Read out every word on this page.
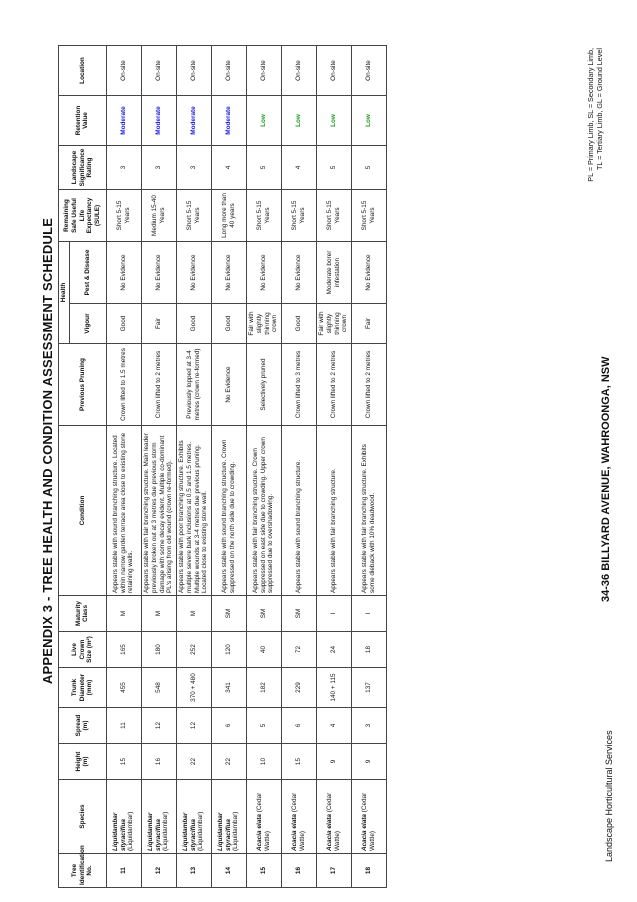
APPENDIX 3 - TREE HEALTH AND CONDITION ASSESSMENT SCHEDULE
Tree Identification No.	Species	Height (m)	Spread (m)	Trunk Diameter (mm)	Live Crown Size (m²)	Maturity Class	Condition	Previous Pruning	Health		Remaining Safe Useful Life Expectancy (SULE)	Landscape Significance Rating	Retention Value	Location
									Vigour	Pest & Disease				
11	Liquidambar styraciflua (Liquidambar)	15	11	455	165	M	Appears stable with sound branching structure. Located within narrow garden terrace area close to existing stone retaining walls.	Crown lifted to 1.5 metres	Good	No Evidence	Short 5-15 Years	3	Moderate	On-site
12	Liquidambar styraciflua (Liquidambar)	16	12	548	180	M	Appears stable with fair branching structure. Main leader previously broken out at 3 metres due previous storm damage with some decay evident. Multiple co-dominant PL's arising from old wound (crown re-formed).	Crown lifted to 2 metres	Fair	No Evidence	Medium 15-40 Years	3	Moderate	On-site
13	Liquidambar styraciflua (Liquidambar)	22	12	370 + 480	252	M	Appears stable with poor branching structure. Exhibits multiple severe bark inclusions at 0.5 and 1.5 metres. Multiple wounds at 3-4 metres due previous pruning. Located close to existing stone wall.	Previously lopped at 3-4 metres (crown re-formed)	Good	No Evidence	Short 5-15 Years	3	Moderate	On-site
14	Liquidambar styraciflua (Liquidambar)	22	6	341	120	SM	Appears stable with sound branching structure. Crown suppressed on the north side due to crowding.	No Evidence	Good	No Evidence	Long more than 40 years	4	Moderate	On-site
15	Acacia elata (Cedar Wattle)	10	5	182	40	SM	Appears stable with fair branching structure. Crown suppressed on east side due to crowding. Upper crown suppressed due to overshadowing.	Selectively pruned	Fair with slightly thinning crown	No Evidence	Short 5-15 Years	5	Low	On-site
16	Acacia elata (Cedar Wattle)	15	6	229	72	SM	Appears stable with sound branching structure.	Crown lifted to 3 metres	Good	No Evidence	Short 5-15 Years	4	Low	On-site
17	Acacia elata (Cedar Wattle)	9	4	140 + 115	24	I	Appears stable with fair branching structure.	Crown lifted to 2 metres	Fair with slightly thinning crown	Moderate borer infestation	Short 5-15 Years	5	Low	On-site
18	Acacia elata (Cedar Wattle)	9	3	137	18	I	Appears stable with fair branching structure. Exhibits some dieback with 10% deadwood.	Crown lifted to 2 metres	Fair	No Evidence	Short 5-15 Years	5	Low	On-site
Landscape Horticultural Services
34-36 BILLYARD AVENUE, WAHROONGA, NSW
PL = Primary Limb, SL = Secondary Limb, TL = Tertiary Limb, GL = Ground Level
